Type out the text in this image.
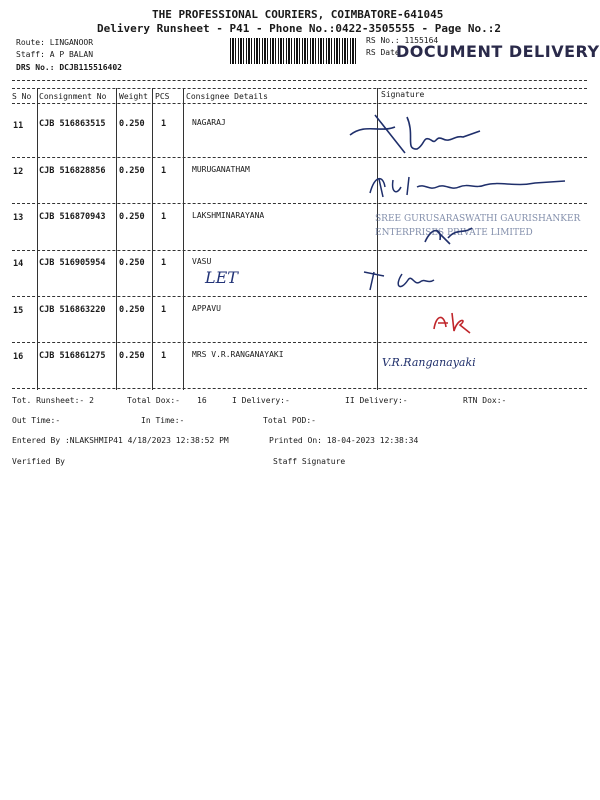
THE PROFESSIONAL COURIERS, COIMBATORE-641045
Delivery Runsheet - P41 - Phone No.:0422-3505555 - Page No.:2
Route: LINGANOOR
Staff: A P BALAN
DRS No.: DCJB115516402
RS No.: 1155164
RS Date
DOCUMENT DELIVERY
S No Consignment No Weight PCS Consignee Details	Signature
11 CJB 516863515 0.250 1	NAGARAJ
12 CJB 516828856 0.250 1	MURUGANATHAM
13 CJB 516870943 0.250 1	LAKSHMINARAYANA
14 CJB 516905954 0.250 1	VASU
15 CJB 516863220 0.250 1	APPAVU
16 CJB 516861275 0.250 1	MRS V.R.RANGANAYAKI
SREE GURUSARASWATHI GAURISHANKER
ENTERPRISES PRIVATE LIMITED
LET
V.R.Ranganayaki
Tot. Runsheet:- 2	Total Dox:- 16	I Delivery:-	II Delivery:-	RTN Dox:-
Out Time:-	In Time:-	Total POD:-
Entered By :NLAKSHMIP41 4/18/2023 12:38:52 PM	Printed On: 18-04-2023 12:38:34
Verified By	Staff Signature
